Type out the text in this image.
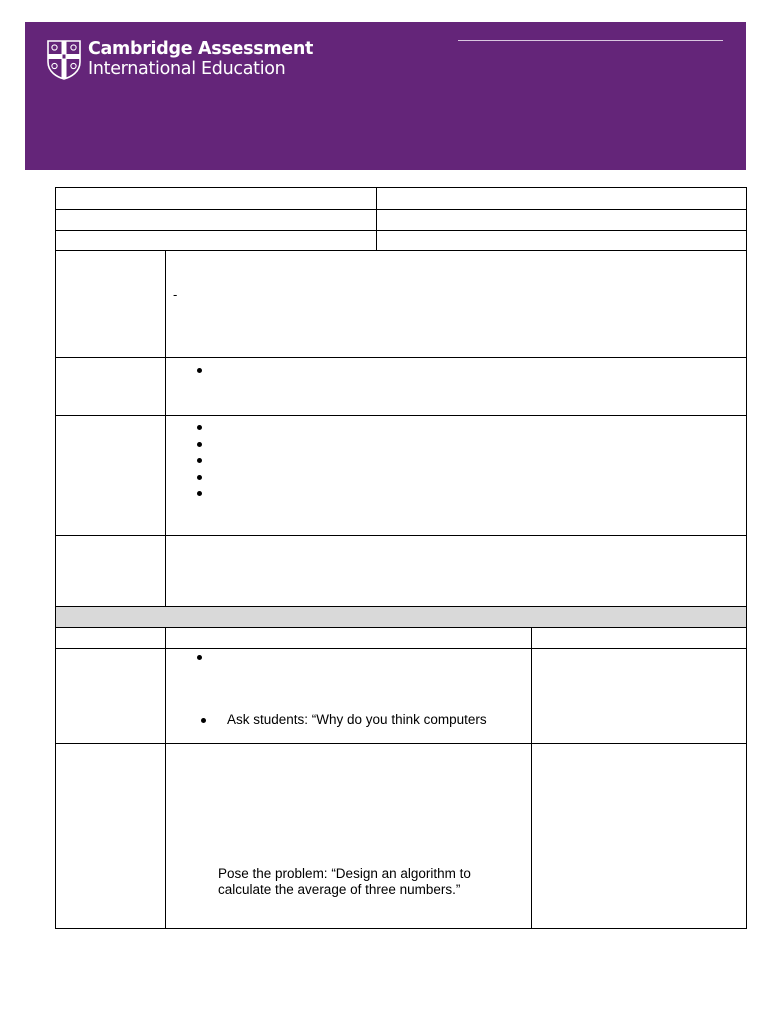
Cambridge Assessment
International Education
-
Ask students: “Why do you think computers
Pose the problem: “Design an algorithm to
calculate the average of three numbers.”
